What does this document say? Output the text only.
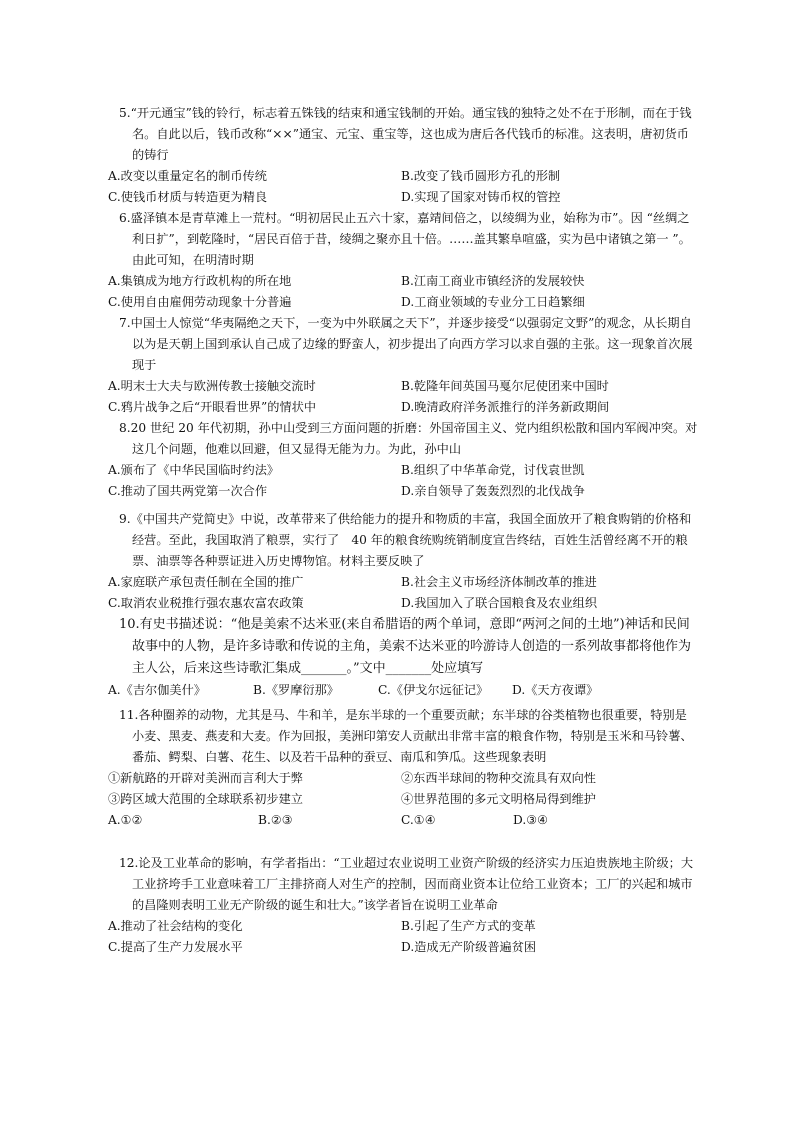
5.“开元通宝”钱的铃行，标志着五铢钱的结束和通宝钱制的开始。通宝钱的独特之处不在于形制，而在于钱名。自此以后，钱币改称“××”通宝、元宝、重宝等，这也成为唐后各代钱币的标准。这表明，唐初货币的铸行

A.改变以重量定名的制币传统	B.改变了钱币圆形方孔的形制
C.使钱币材质与转造更为精良	D.实现了国家对铸币权的管控

6.盛泽镇本是青草滩上一荒村。“明初居民止五六十家，嘉靖间倍之，以绫绸为业，始称为市”。因 “丝绸之利日扩”，到乾隆时，“居民百倍于昔，绫绸之聚亦且十倍。……盖其繁阜喧盛，实为邑中诸镇之第一 ”。由此可知，在明清时期

A.集镇成为地方行政机构的所在地	B.江南工商业市镇经济的发展较快
C.使用自由雇佣劳动现象十分普遍	D.工商业领域的专业分工日趋繁细

7.中国士人惊觉“华夷隔绝之天下，一变为中外联属之天下”，并逐步接受“以强弱定文野”的观念，从长期自以为是天朝上国到承认自己成了边缘的野蛮人，初步提出了向西方学习以求自强的主张。这一现象首次展现于

A.明末士大夫与欧洲传教士接触交流时	B.乾隆年间英国马戛尔尼使团来中国时
C.鸦片战争之后“开眼看世界”的情状中	D.晚清政府洋务派推行的洋务新政期间

8.20 世纪 20 年代初期，孙中山受到三方面问题的折磨：外国帝国主义、党内组织松散和国内军阀冲突。对这几个问题，他难以回避，但又显得无能为力。为此，孙中山

A.颁布了《中华民国临时约法》	B.组织了中华革命党，讨伐袁世凯
C.推动了国共两党第一次合作	D.亲自领导了轰轰烈烈的北伐战争

9.《中国共产党简史》中说，改革带来了供给能力的提升和物质的丰富，我国全面放开了粮食购销的价格和经营。至此，我国取消了粮票，实行了　40 年的粮食统购统销制度宣告终结，百姓生活曾经离不开的粮票、油票等各种票证进入历史博物馆。材料主要反映了

A.家庭联产承包责任制在全国的推广	B.社会主义市场经济体制改革的推进
C.取消农业税推行强农惠农富农政策	D.我国加入了联合国粮食及农业组织

10.有史书描述说：“他是美索不达米亚(来自希腊语的两个单词，意即“两河之间的土地”)神话和民间故事中的人物，是许多诗歌和传说的主角，美索不达米亚的吟游诗人创造的一系列故事都将他作为主人公，后来这些诗歌汇集成_______。”文中_______处应填写

A.《吉尔伽美什》	B.《罗摩衍那》	C.《伊戈尔远征记》	D.《天方夜谭》

11.各种圈养的动物，尤其是马、牛和羊，是东半球的一个重要贡献；东半球的谷类植物也很重要，特别是小麦、黑麦、燕麦和大麦。作为回报，美洲印第安人贡献出非常丰富的粮食作物，特别是玉米和马铃薯、番茄、鳄梨、白薯、花生、以及若干品种的蚕豆、南瓜和笋瓜。这些现象表明

①新航路的开辟对美洲而言利大于弊	②东西半球间的物种交流具有双向性
③跨区域大范围的全球联系初步建立	④世界范围的多元文明格局得到维护
A.①②	B.②③	C.①④	D.③④

12.论及工业革命的影响，有学者指出：“工业超过农业说明工业资产阶级的经济实力压迫贵族地主阶级；大工业挤垮手工业意味着工厂主排挤商人对生产的控制，因而商业资本让位给工业资本；工厂的兴起和城市的昌隆则表明工业无产阶级的诞生和壮大。”该学者旨在说明工业革命

A.推动了社会结构的变化	B.引起了生产方式的变革
C.提高了生产力发展水平	D.造成无产阶级普遍贫困
